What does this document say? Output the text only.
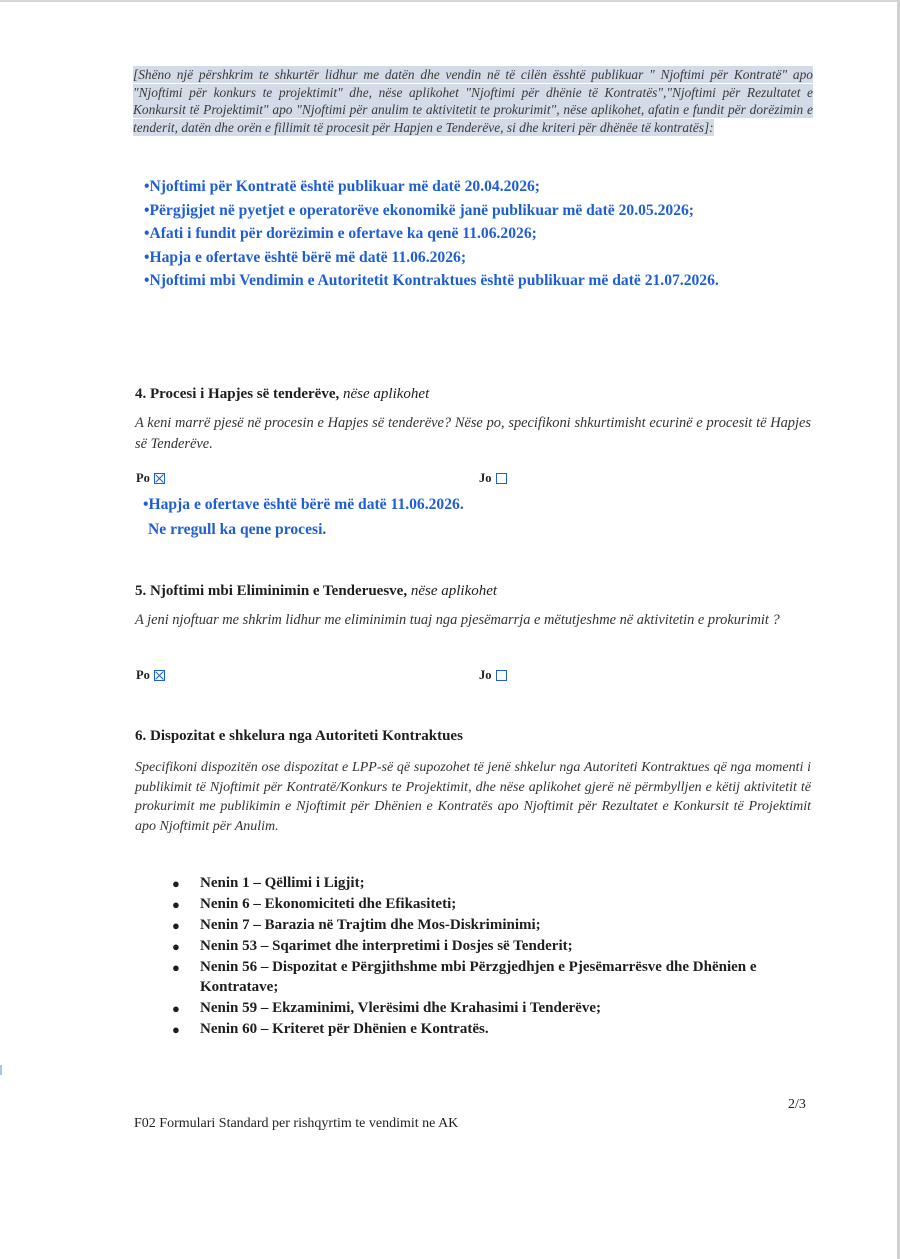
[Shëno një përshkrim te shkurtër lidhur me datën dhe vendin në të cilën ësshtë publikuar " Njoftimi për Kontratë" apo "Njoftimi për konkurs te projektimit" dhe, nëse aplikohet "Njoftimi për dhënie të Kontratës","Njoftimi për Rezultatet e Konkursit të Projektimit" apo "Njoftimi për anulim te aktivitetit te prokurimit", nëse aplikohet, afatin e fundit për dorëzimin e tenderit, datën dhe orën e fillimit të procesit për Hapjen e Tenderëve, si dhe kriteri për dhënëe të kontratës]:
•Njoftimi për Kontratë është publikuar më datë 20.04.2026;
•Përgjigjet në pyetjet e operatorëve ekonomikë janë publikuar më datë 20.05.2026;
•Afati i fundit për dorëzimin e ofertave ka qenë 11.06.2026;
•Hapja e ofertave është bërë më datë 11.06.2026;
•Njoftimi mbi Vendimin e Autoritetit Kontraktues është publikuar më datë 21.07.2026.
4. Procesi i Hapjes së tenderëve, nëse aplikohet
A keni marrë pjesë në procesin e Hapjes së tenderëve? Nëse po, specifikoni shkurtimisht ecurinë e procesit të Hapjes së Tenderëve.
Po	Jo
•Hapja e ofertave është bërë më datë 11.06.2026.
Ne rregull ka qene procesi.
5. Njoftimi mbi Eliminimin e Tenderuesve, nëse aplikohet
A jeni njoftuar me shkrim lidhur me eliminimin tuaj nga pjesëmarrja e mëtutjeshme në aktivitetin e prokurimit ?
Po	Jo
6. Dispozitat e shkelura nga Autoriteti Kontraktues
Specifikoni dispozitën ose dispozitat e LPP-së që supozohet të jenë shkelur nga Autoriteti Kontraktues që nga momenti i publikimit të Njoftimit për Kontratë/Konkurs te Projektimit, dhe nëse aplikohet gjerë në përmbylljen e këtij aktivitetit të prokurimit me publikimin e Njoftimit për Dhënien e Kontratës apo Njoftimit për Rezultatet e Konkursit të Projektimit apo Njoftimit për Anulim.
● Nenin 1 – Qëllimi i Ligjit;
● Nenin 6 – Ekonomiciteti dhe Efikasiteti;
● Nenin 7 – Barazia në Trajtim dhe Mos-Diskriminimi;
● Nenin 53 – Sqarimet dhe interpretimi i Dosjes së Tenderit;
● Nenin 56 – Dispozitat e Përgjithshme mbi Përzgjedhjen e Pjesëmarrësve dhe Dhënien e Kontratave;
● Nenin 59 – Ekzaminimi, Vlerësimi dhe Krahasimi i Tenderëve;
● Nenin 60 – Kriteret për Dhënien e Kontratës.
2/3
F02 Formulari Standard per rishqyrtim te vendimit ne AK
